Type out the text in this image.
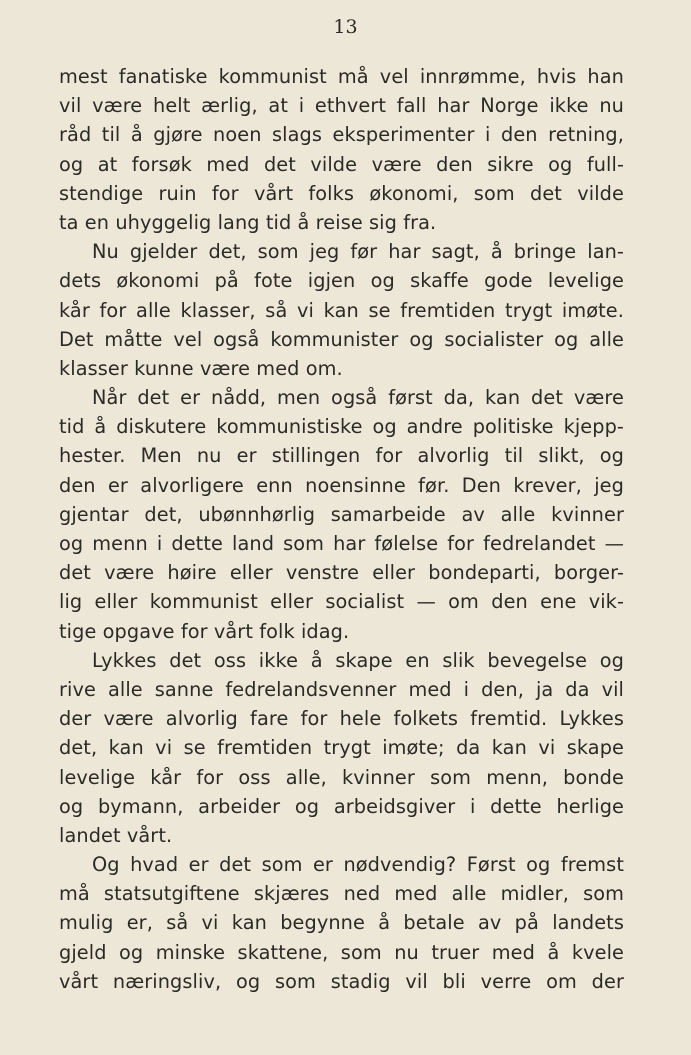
13
mest fanatiske kommunist må vel innrømme, hvis han
vil være helt ærlig, at i ethvert fall har Norge ikke nu
råd til å gjøre noen slags eksperimenter i den retning,
og at forsøk med det vilde være den sikre og full-
stendige ruin for vårt folks økonomi, som det vilde
ta en uhyggelig lang tid å reise sig fra.
Nu gjelder det, som jeg før har sagt, å bringe lan-
dets økonomi på fote igjen og skaffe gode levelige
kår for alle klasser, så vi kan se fremtiden trygt imøte.
Det måtte vel også kommunister og socialister og alle
klasser kunne være med om.
Når det er nådd, men også først da, kan det være
tid å diskutere kommunistiske og andre politiske kjepp-
hester. Men nu er stillingen for alvorlig til slikt, og
den er alvorligere enn noensinne før. Den krever, jeg
gjentar det, ubønnhørlig samarbeide av alle kvinner
og menn i dette land som har følelse for fedrelandet —
det være høire eller venstre eller bondeparti, borger-
lig eller kommunist eller socialist — om den ene vik-
tige opgave for vårt folk idag.
Lykkes det oss ikke å skape en slik bevegelse og
rive alle sanne fedrelandsvenner med i den, ja da vil
der være alvorlig fare for hele folkets fremtid. Lykkes
det, kan vi se fremtiden trygt imøte; da kan vi skape
levelige kår for oss alle, kvinner som menn, bonde
og bymann, arbeider og arbeidsgiver i dette herlige
landet vårt.
Og hvad er det som er nødvendig? Først og fremst
må statsutgiftene skjæres ned med alle midler, som
mulig er, så vi kan begynne å betale av på landets
gjeld og minske skattene, som nu truer med å kvele
vårt næringsliv, og som stadig vil bli verre om der
